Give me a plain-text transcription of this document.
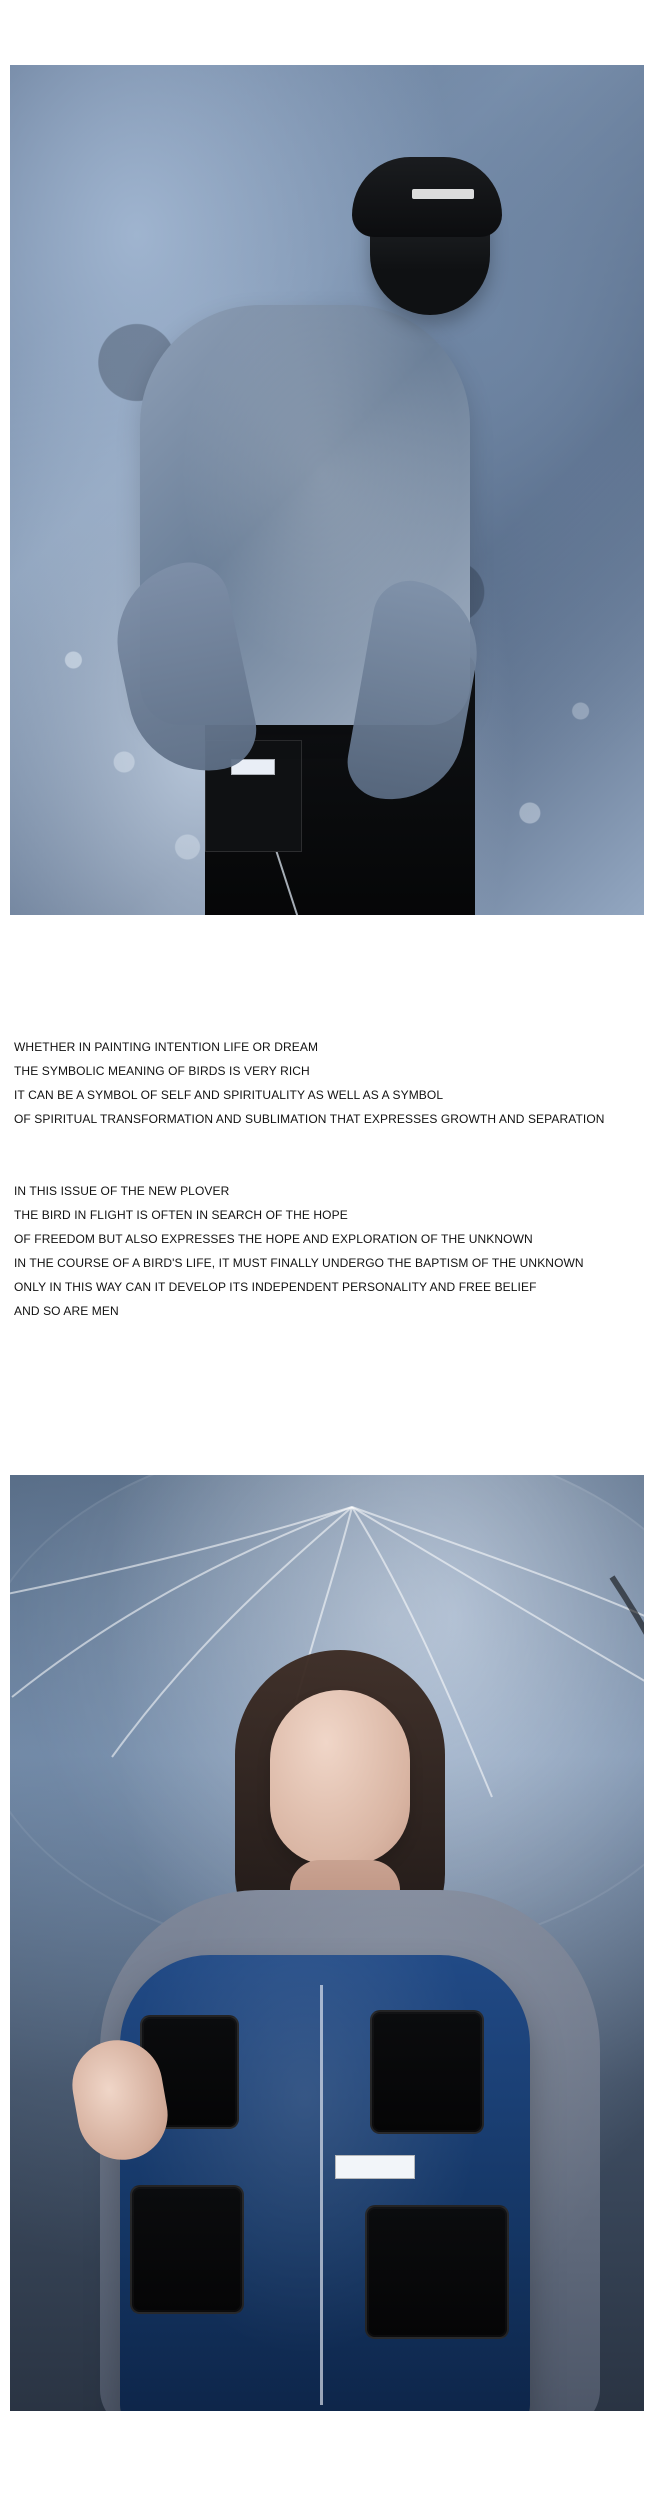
WHETHER IN PAINTING INTENTION LIFE OR DREAM
THE SYMBOLIC MEANING OF BIRDS IS VERY RICH
IT CAN BE A SYMBOL OF SELF AND SPIRITUALITY AS WELL AS A SYMBOL
OF SPIRITUAL TRANSFORMATION AND SUBLIMATION THAT EXPRESSES GROWTH AND SEPARATION
IN THIS ISSUE OF THE NEW PLOVER
THE BIRD IN FLIGHT IS OFTEN IN SEARCH OF THE HOPE
OF FREEDOM BUT ALSO EXPRESSES THE HOPE AND EXPLORATION OF THE UNKNOWN
IN THE COURSE OF A BIRD'S LIFE, IT MUST FINALLY UNDERGO THE BAPTISM OF THE UNKNOWN
ONLY IN THIS WAY CAN IT DEVELOP ITS INDEPENDENT PERSONALITY AND FREE BELIEF
AND SO ARE MEN
